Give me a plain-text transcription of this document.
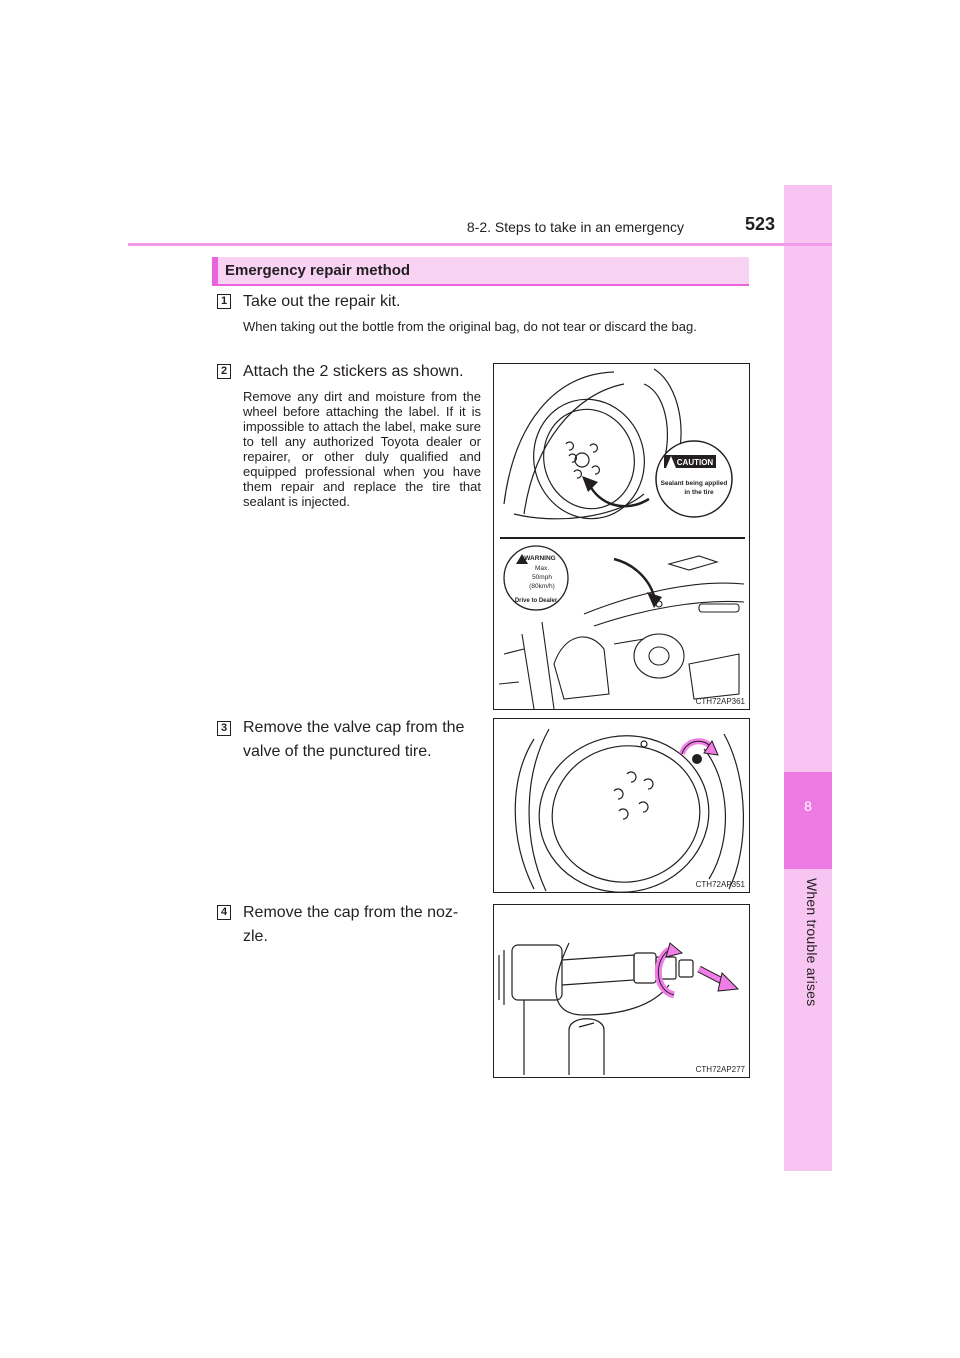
8
When trouble arises
8-2. Steps to take in an emergency	523
Emergency repair method
1 Take out the repair kit.
When taking out the bottle from the original bag, do not tear or discard the bag.
2 Attach the 2 stickers as shown.
Remove any dirt and moisture from the wheel before attaching the label. If it is impossible to attach the label, make sure to tell any authorized Toyota dealer or repairer, or other duly qualified and equipped professional when you have them repair and replace the tire that sealant is injected.
CAUTION
Sealant being applied
in the tire
WARNING
Max.
50mph
(80km/h)
Drive to Dealer
CTH72AP361
3 Remove the valve cap from the
valve of the punctured tire.
CTH72AP351
4 Remove the cap from the noz-
zle.
CTH72AP277
